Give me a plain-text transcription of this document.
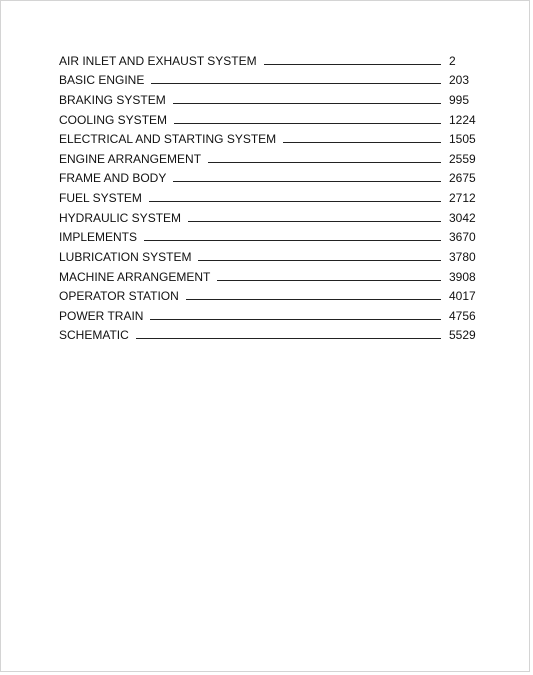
AIR INLET AND EXHAUST SYSTEM	2
BASIC ENGINE	203
BRAKING SYSTEM	995
COOLING SYSTEM	1224
ELECTRICAL AND STARTING SYSTEM	1505
ENGINE ARRANGEMENT	2559
FRAME AND BODY	2675
FUEL SYSTEM	2712
HYDRAULIC SYSTEM	3042
IMPLEMENTS	3670
LUBRICATION SYSTEM	3780
MACHINE ARRANGEMENT	3908
OPERATOR STATION	4017
POWER TRAIN	4756
SCHEMATIC	5529
